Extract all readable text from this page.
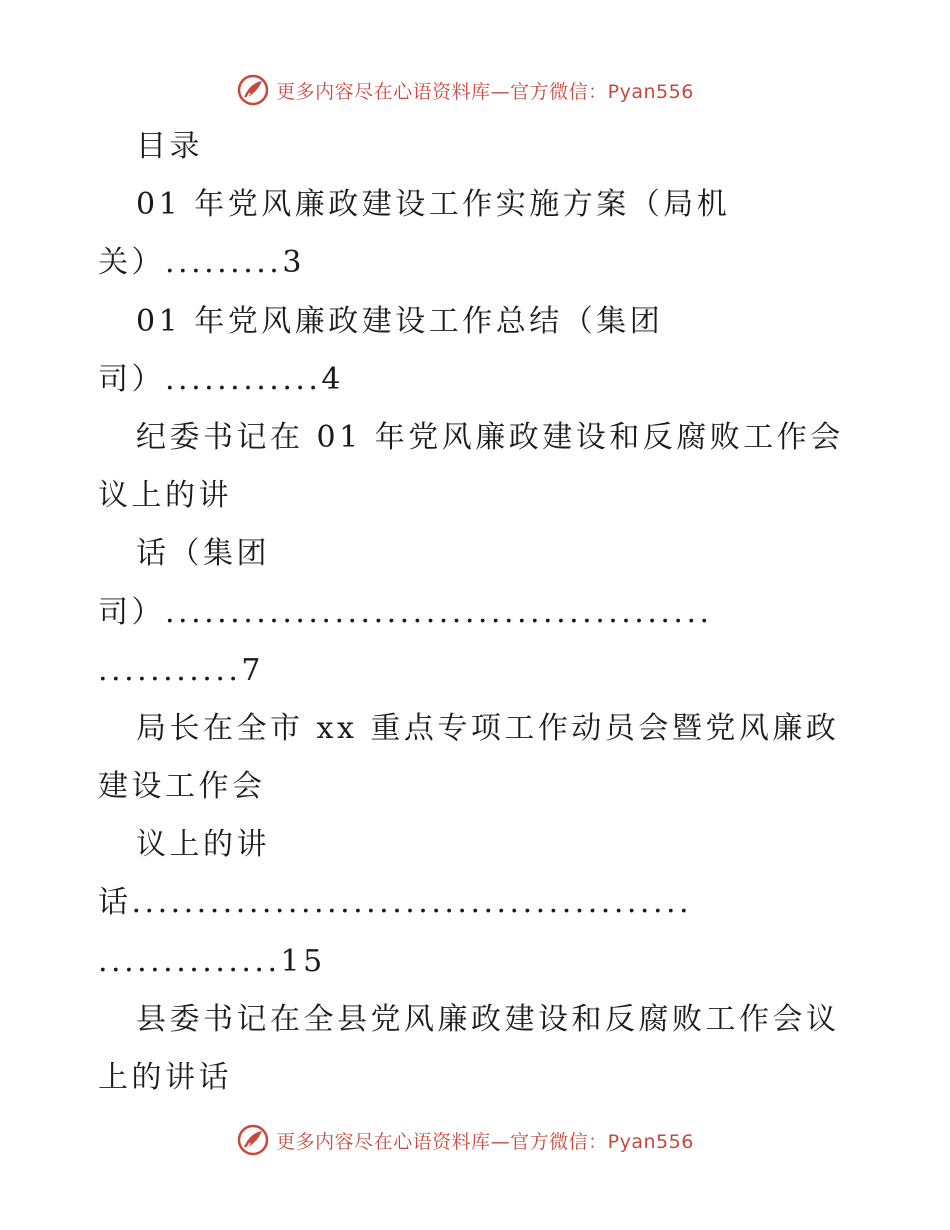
更多内容尽在心语资料库—官方微信：Pyan556
目录
01 年党风廉政建设工作实施方案（局机
关）.........3
01 年党风廉政建设工作总结（集团
司）............4
纪委书记在 01 年党风廉政建设和反腐败工作会
议上的讲
话（集团
司）..........................................
...........7
局长在全市 xx 重点专项工作动员会暨党风廉政
建设工作会
议上的讲
话...........................................
..............15
县委书记在全县党风廉政建设和反腐败工作会议
上的讲话
更多内容尽在心语资料库—官方微信：Pyan556
